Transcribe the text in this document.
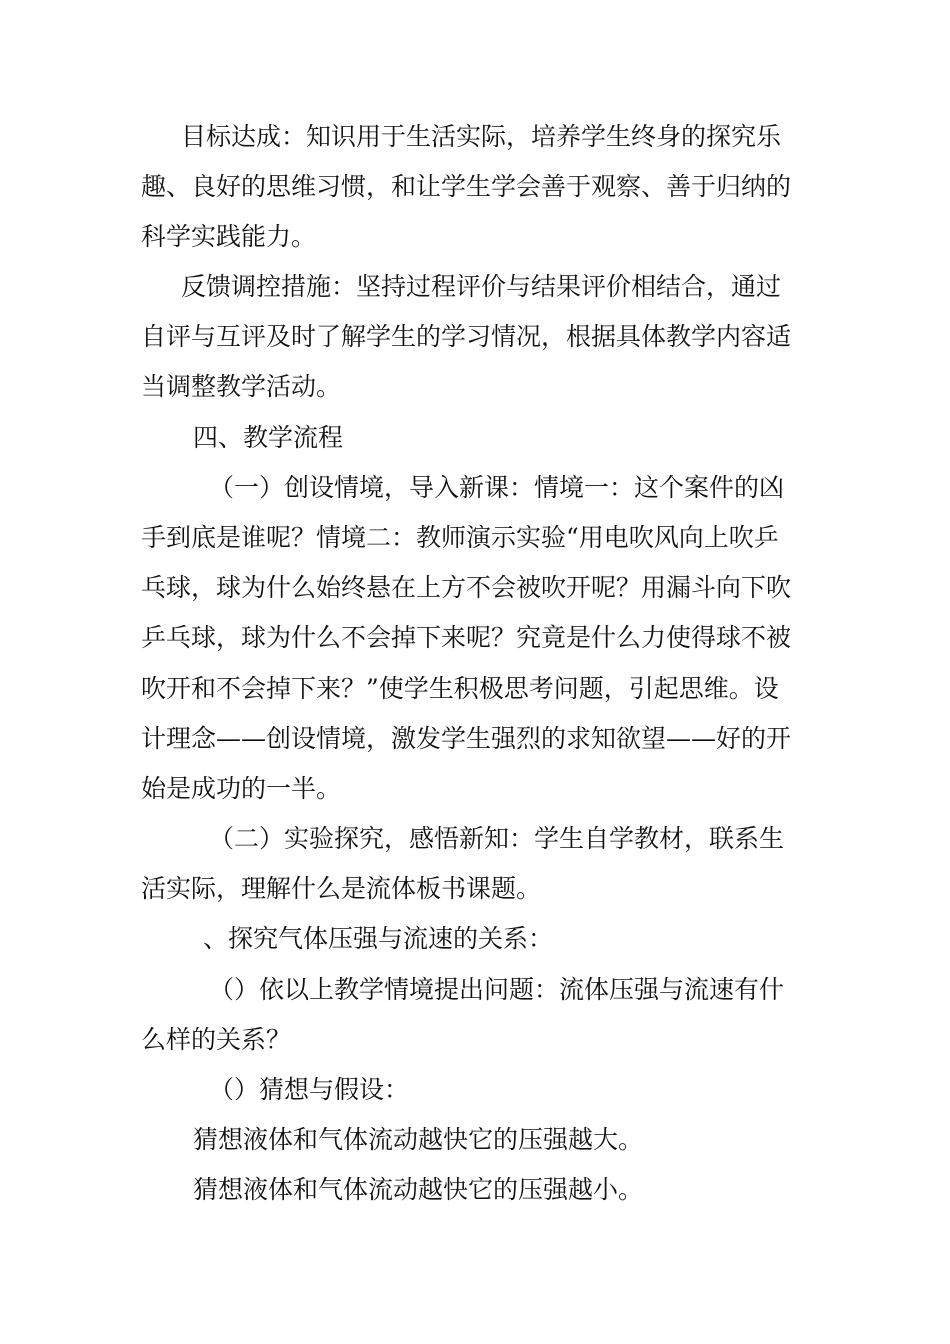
目标达成：知识用于生活实际，培养学生终身的探究乐
趣、良好的思维习惯，和让学生学会善于观察、善于归纳的
科学实践能力。
反馈调控措施：坚持过程评价与结果评价相结合，通过
自评与互评及时了解学生的学习情况，根据具体教学内容适
当调整教学活动。
四、教学流程
（一）创设情境，导入新课：情境一：这个案件的凶
手到底是谁呢？情境二：教师演示实验“用电吹风向上吹乒
乓球，球为什么始终悬在上方不会被吹开呢？用漏斗向下吹
乒乓球，球为什么不会掉下来呢？究竟是什么力使得球不被
吹开和不会掉下来？”使学生积极思考问题，引起思维。设
计理念——创设情境，激发学生强烈的求知欲望——好的开
始是成功的一半。
（二）实验探究，感悟新知：学生自学教材，联系生
活实际，理解什么是流体板书课题。
、探究气体压强与流速的关系：
（）依以上教学情境提出问题：流体压强与流速有什
么样的关系？
（）猜想与假设：
猜想液体和气体流动越快它的压强越大。
猜想液体和气体流动越快它的压强越小。
